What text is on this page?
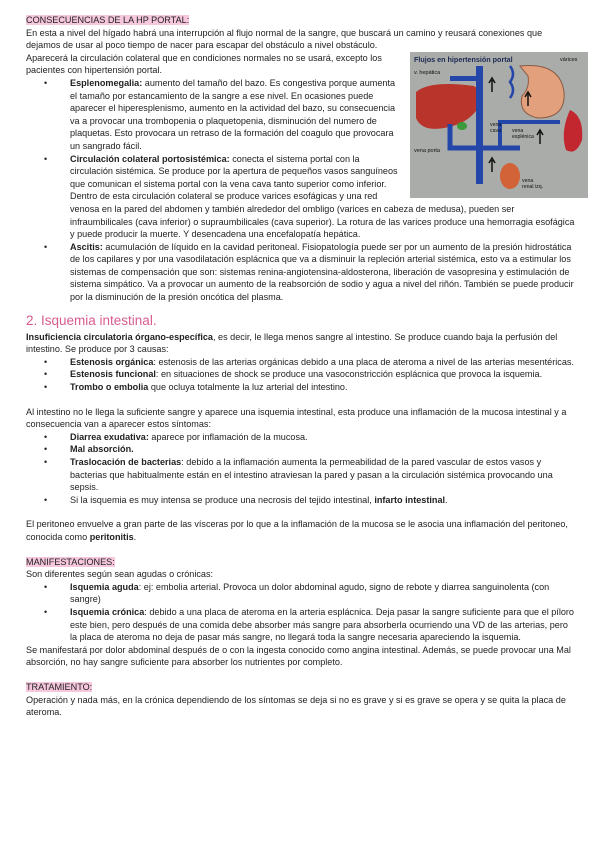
CONSECUENCIAS DE LA HP PORTAL:

En esta a nivel del hígado habrá una interrupción al flujo normal de la sangre, que buscará un camino y reusará conexiones que dejamos de usar al poco tiempo de nacer para escapar del obstáculo a nivel obstáculo.

Flujos en hipertensión portal	várices
v. hepática
vena cava vena esplénica
vena porta
vena renal izq.

Aparecerá la circulación colateral que en condiciones normales no se usará, excepto los pacientes con hipertensión portal.

• Esplenomegalia: aumento del tamaño del bazo. Es congestiva porque aumenta el tamaño por estancamiento de la sangre a ese nivel. En ocasiones puede aparecer el hiperesplenismo, aumento en la actividad del bazo, su consecuencia va a provocar una trombopenia o plaquetopenia, disminución del numero de plaquetas. Esto provocara un retraso de la formación del coagulo que provocara un sangrado fácil.
• Circulación colateral portosistémica: conecta el sistema portal con la circulación sistémica. Se produce por la apertura de pequeños vasos sanguíneos que comunican el sistema portal con la vena cava tanto superior como inferior. Dentro de esta circulación colateral se produce varices esofágicas y una red venosa en la pared del abdomen y también alrededor del ombligo (varices en cabeza de medusa), pueden ser infraumbilicales (cava inferior) o supraumbilicales (cava superior). La rotura de las varices produce una hemorragia esofágica y puede producir la muerte. Y desencadena una encefalopatía hepática.
• Ascitis: acumulación de líquido en la cavidad peritoneal. Fisiopatología puede ser por un aumento de la presión hidrostática de los capilares y por una vasodilatación esplácnica que va a disminuir la repleción arterial sistémica, esto va a estimular los sistemas de compensación que son: sistemas renina-angiotensina-aldosterona, liberación de vasopresina y estimulación de sistema simpático. Va a provocar un aumento de la reabsorción de sodio y agua a nivel del riñón. También se puede producir por la disminución de la presión oncótica del plasma.
2. Isquemia intestinal.

Insuficiencia circulatoria órgano-específica, es decir, le llega menos sangre al intestino. Se produce cuando baja la perfusión del intestino. Se produce por 3 causas:

• Estenosis orgánica: estenosis de las arterias orgánicas debido a una placa de ateroma a nivel de las arterias mesentéricas.
• Estenosis funcional: en situaciones de shock se produce una vasoconstricción esplácnica que provoca la isquemia.
• Trombo o embolia que ocluya totalmente la luz arterial del intestino.

Al intestino no le llega la suficiente sangre y aparece una isquemia intestinal, esta produce una inflamación de la mucosa intestinal y a consecuencia van a aparecer estos síntomas:

• Diarrea exudativa: aparece por inflamación de la mucosa.
• Mal absorción.
• Traslocación de bacterias: debido a la inflamación aumenta la permeabilidad de la pared vascular de estos vasos y bacterias que habitualmente están en el intestino atraviesan la pared y pasan a la circulación sistémica provocando una sepsis.
• Si la isquemia es muy intensa se produce una necrosis del tejido intestinal, infarto intestinal.

El peritoneo envuelve a gran parte de las vísceras por lo que a la inflamación de la mucosa se le asocia una inflamación del peritoneo, conocida como peritonitis.

MANIFESTACIONES:

Son diferentes según sean agudas o crónicas:

• Isquemia aguda: ej: embolia arterial. Provoca un dolor abdominal agudo, signo de rebote y diarrea sanguinolenta (con sangre)
• Isquemia crónica: debido a una placa de ateroma en la arteria esplácnica. Deja pasar la sangre suficiente para que el píloro este bien, pero después de una comida debe absorber más sangre para absorberla ocurriendo una VD de las arterias, pero la placa de ateroma no deja de pasar más sangre, no llegará toda la sangre necesaria apareciendo la isquemia.

Se manifestará por dolor abdominal después de o con la ingesta conocido como angina intestinal. Además, se puede provocar una Mal absorción, no hay sangre suficiente para absorber los nutrientes por completo.

TRATAMIENTO:

Operación y nada más, en la crónica dependiendo de los síntomas se deja si no es grave y si es grave se opera y se quita la placa de ateroma.
